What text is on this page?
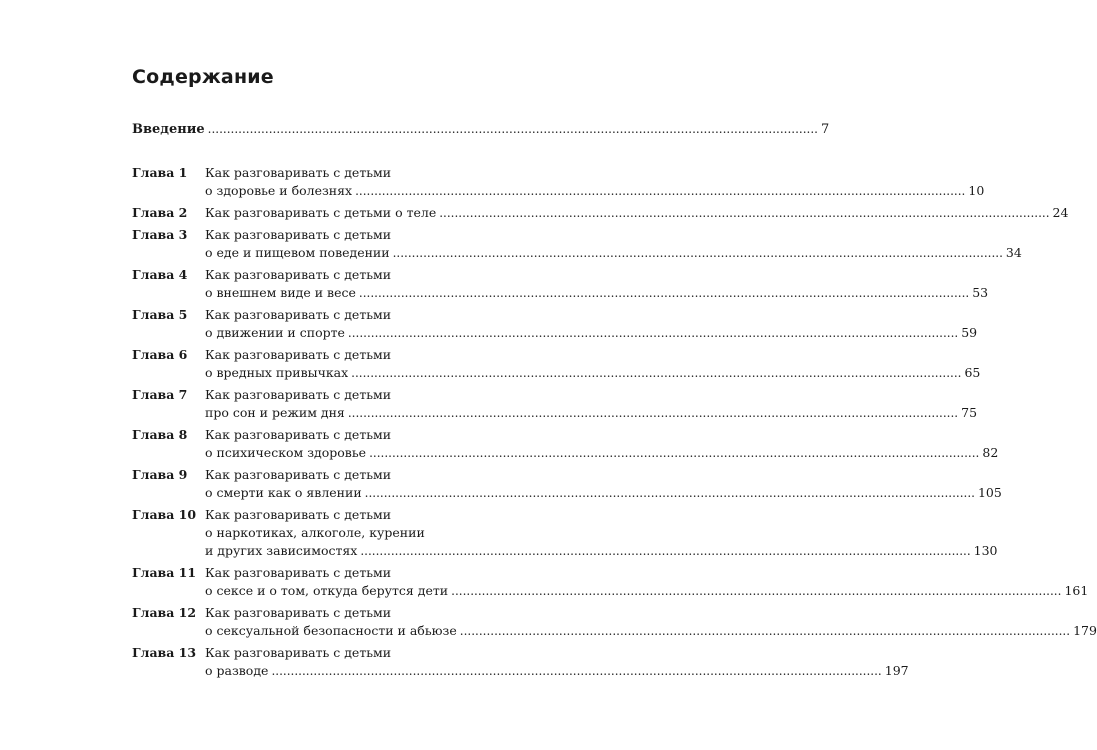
Содержание
Введение .....	7
Глава 1	Как разговаривать с детьми
о здоровье и болезнях .....	10
Глава 2	Как разговаривать с детьми о теле .....	24
Глава 3	Как разговаривать с детьми
о еде и пищевом поведении .....	34
Глава 4	Как разговаривать с детьми
о внешнем виде и весе .....	53
Глава 5	Как разговаривать с детьми
о движении и спорте .....	59
Глава 6	Как разговаривать с детьми
о вредных привычках .....	65
Глава 7	Как разговаривать с детьми
про сон и режим дня .....	75
Глава 8	Как разговаривать с детьми
о психическом здоровье .....	82
Глава 9	Как разговаривать с детьми
о смерти как о явлении .....	105
Глава 10 Как разговаривать с детьми
о наркотиках, алкоголе, курении
и других зависимостях .....	130
Глава 11 Как разговаривать с детьми
о сексе и о том, откуда берутся дети .....	161
Глава 12 Как разговаривать с детьми
о сексуальной безопасности и абьюзе .....	179
Глава 13 Как разговаривать с детьми
о разводе .....	197
